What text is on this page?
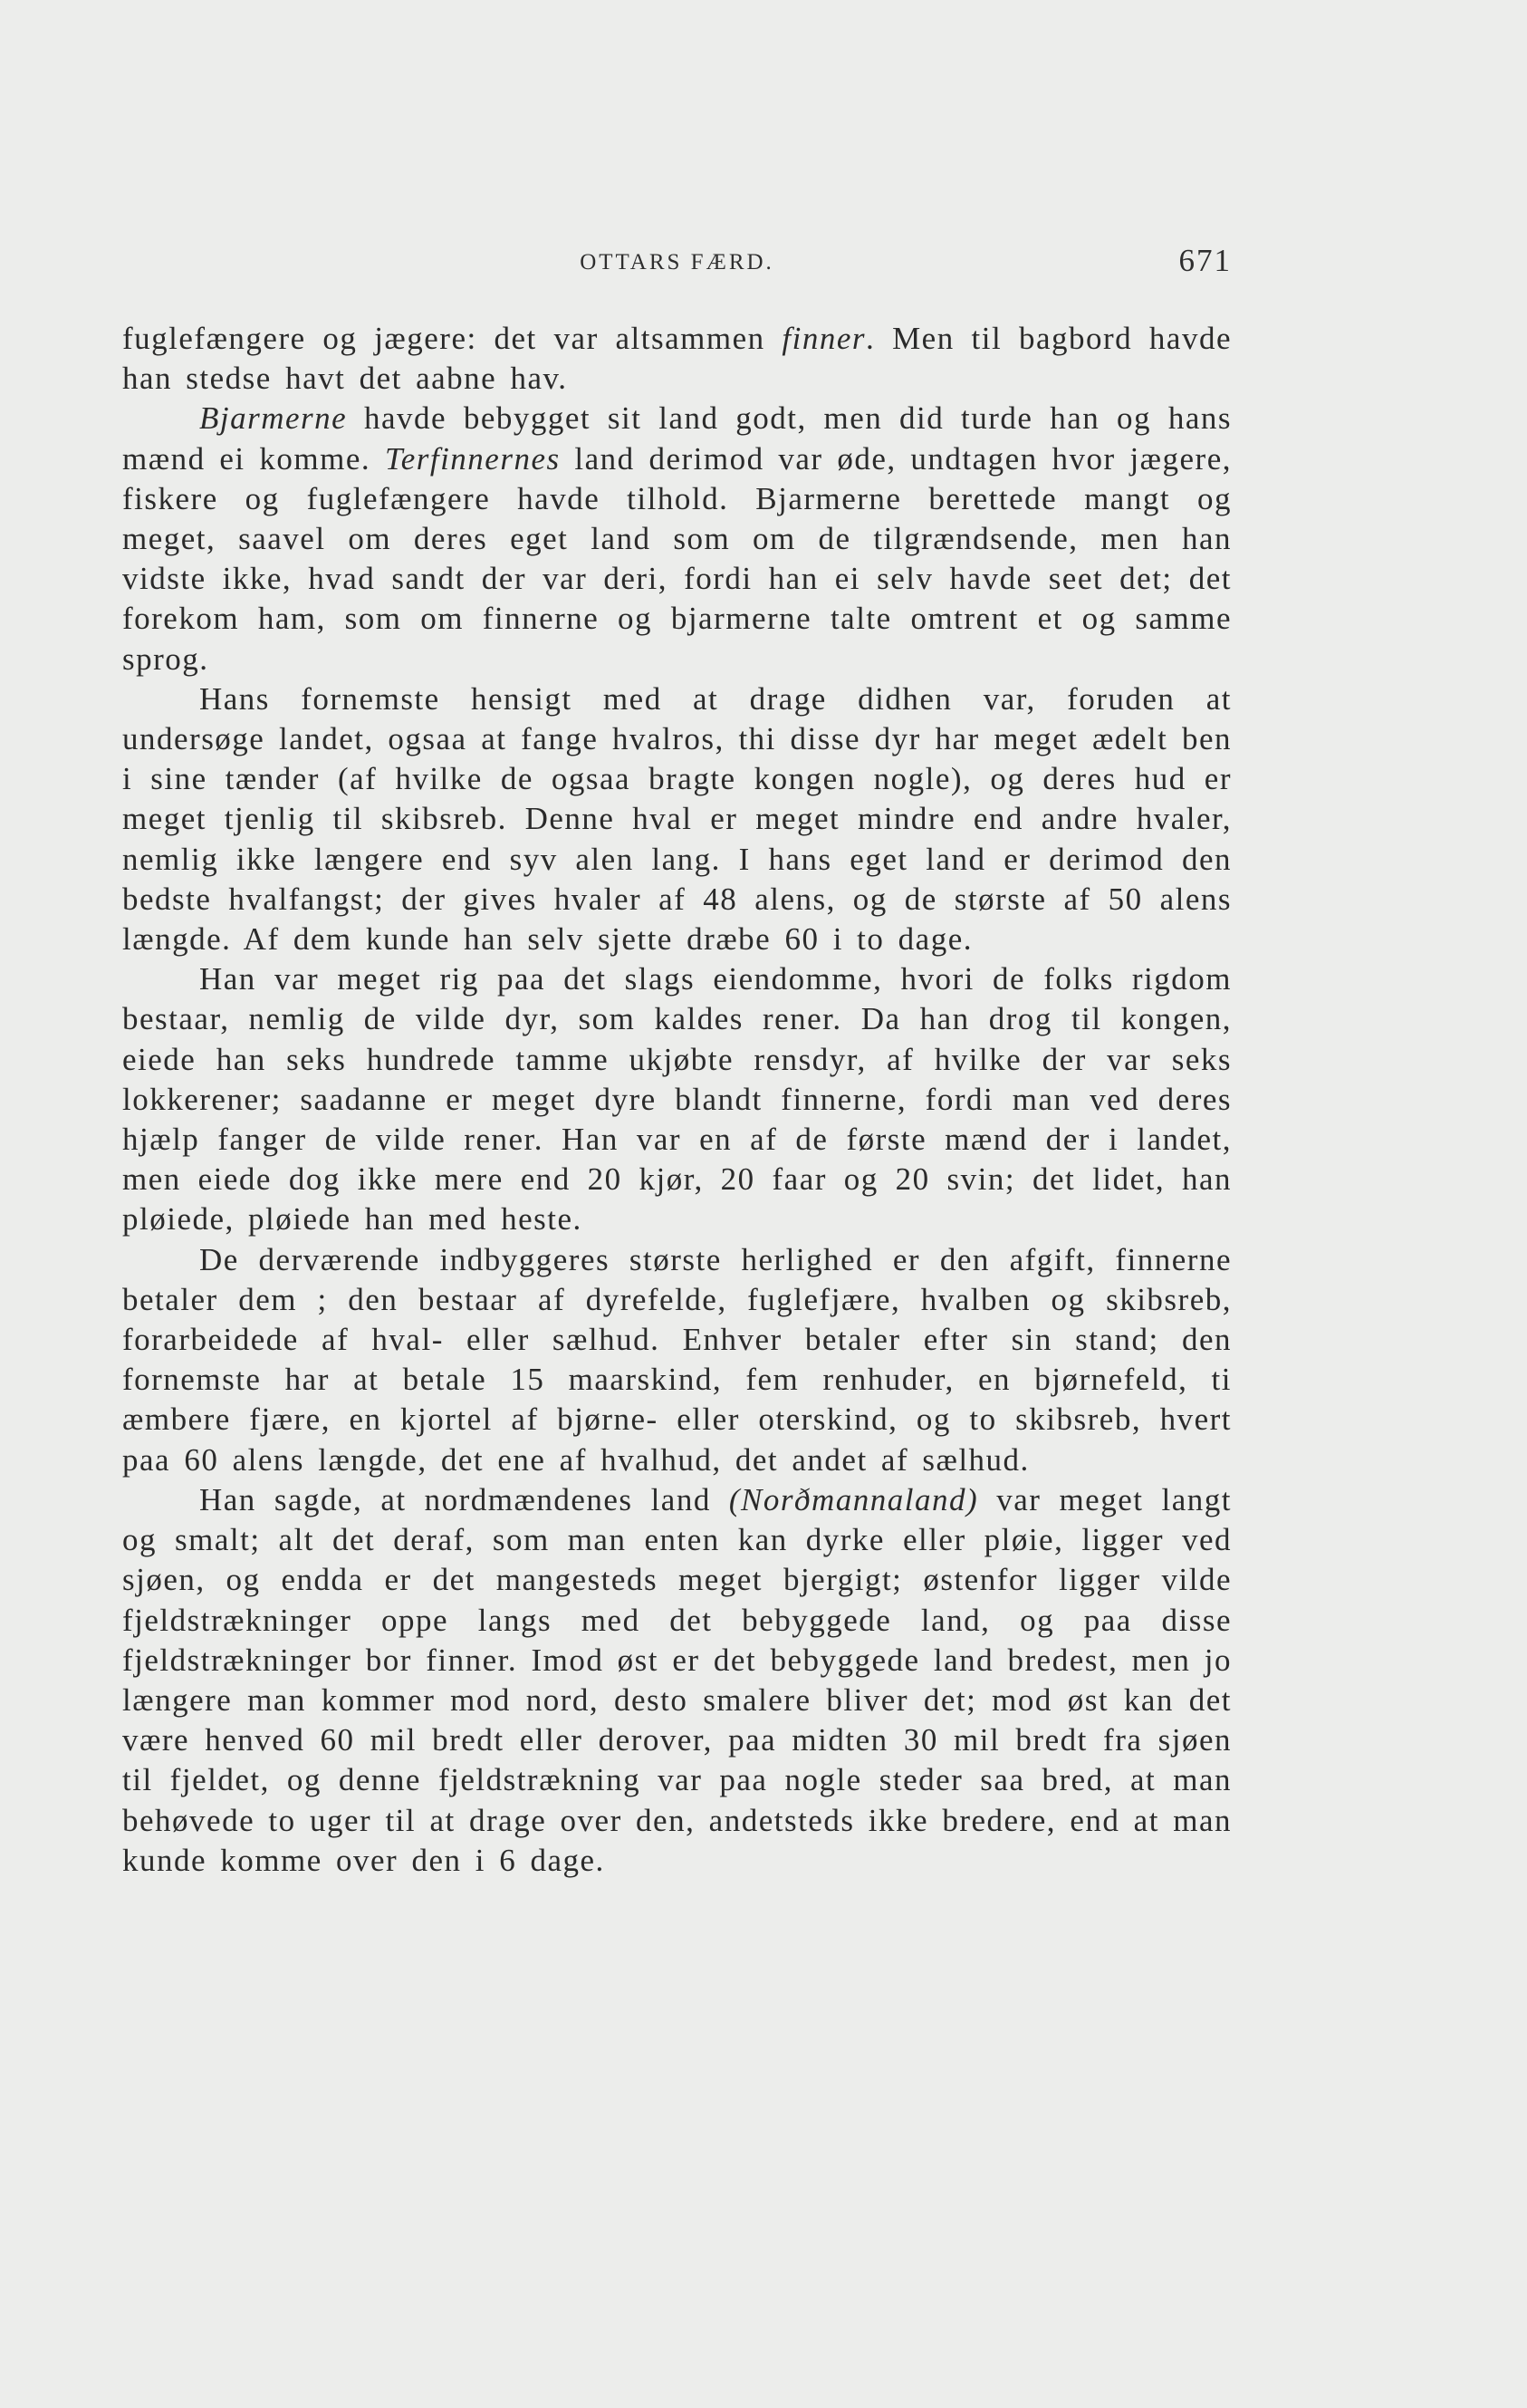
OTTARS FÆRD.	671

fuglefængere og jægere: det var altsammen finner. Men til bagbord havde han stedse havt det aabne hav.

Bjarmerne havde bebygget sit land godt, men did turde han og hans mænd ei komme. Terfinnernes land derimod var øde, undtagen hvor jægere, fiskere og fuglefængere havde tilhold. Bjarmerne berettede mangt og meget, saavel om deres eget land som om de tilgrændsende, men han vidste ikke, hvad sandt der var deri, fordi han ei selv havde seet det; det forekom ham, som om finnerne og bjarmerne talte omtrent et og samme sprog.

Hans fornemste hensigt med at drage didhen var, foruden at undersøge landet, ogsaa at fange hvalros, thi disse dyr har meget ædelt ben i sine tænder (af hvilke de ogsaa bragte kongen nogle), og deres hud er meget tjenlig til skibsreb. Denne hval er meget mindre end andre hvaler, nemlig ikke længere end syv alen lang. I hans eget land er derimod den bedste hvalfangst; der gives hvaler af 48 alens, og de største af 50 alens længde. Af dem kunde han selv sjette dræbe 60 i to dage.

Han var meget rig paa det slags eiendomme, hvori de folks rigdom bestaar, nemlig de vilde dyr, som kaldes rener. Da han drog til kongen, eiede han seks hundrede tamme ukjøbte rensdyr, af hvilke der var seks lokkerener; saadanne er meget dyre blandt finnerne, fordi man ved deres hjælp fanger de vilde rener. Han var en af de første mænd der i landet, men eiede dog ikke mere end 20 kjør, 20 faar og 20 svin; det lidet, han pløiede, pløiede han med heste.

De derværende indbyggeres største herlighed er den afgift, finnerne betaler dem ; den bestaar af dyrefelde, fuglefjære, hvalben og skibsreb, forarbeidede af hval- eller sælhud. Enhver betaler efter sin stand; den fornemste har at betale 15 maarskind, fem renhuder, en bjørnefeld, ti æmbere fjære, en kjortel af bjørne- eller oterskind, og to skibsreb, hvert paa 60 alens længde, det ene af hvalhud, det andet af sælhud.

Han sagde, at nordmændenes land (Norðmannaland) var meget langt og smalt; alt det deraf, som man enten kan dyrke eller pløie, ligger ved sjøen, og endda er det mangesteds meget bjergigt; østenfor ligger vilde fjeldstrækninger oppe langs med det bebyggede land, og paa disse fjeldstrækninger bor finner. Imod øst er det bebyggede land bredest, men jo længere man kommer mod nord, desto smalere bliver det; mod øst kan det være henved 60 mil bredt eller derover, paa midten 30 mil bredt fra sjøen til fjeldet, og denne fjeldstrækning var paa nogle steder saa bred, at man behøvede to uger til at drage over den, andetsteds ikke bredere, end at man kunde komme over den i 6 dage.
